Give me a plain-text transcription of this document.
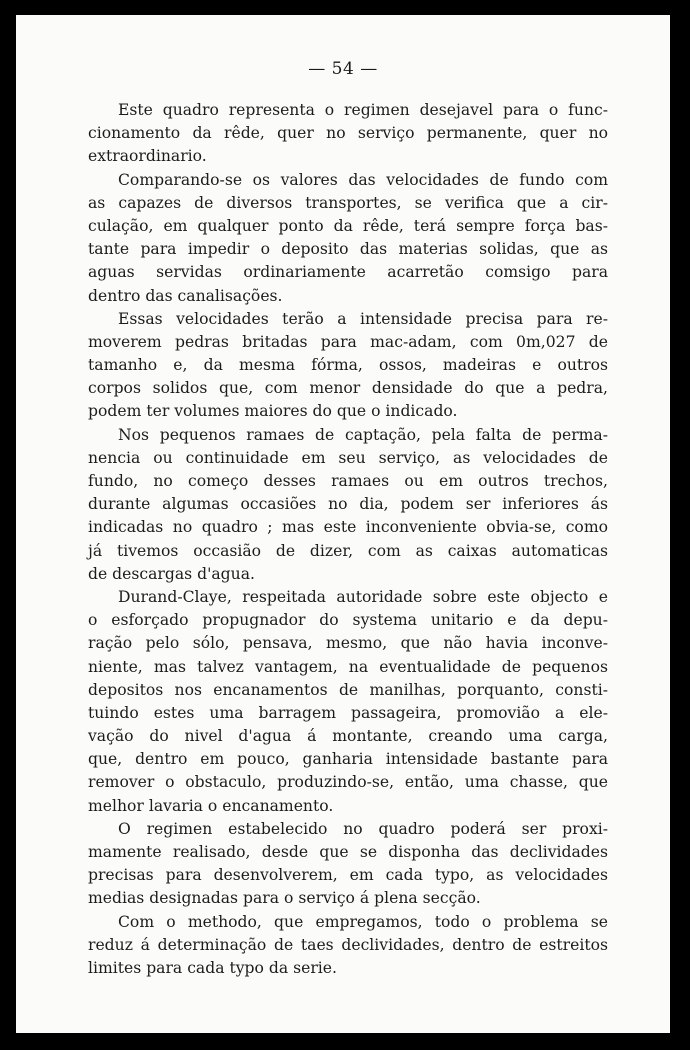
— 54 —

Este quadro representa o regimen desejavel para o func-
cionamento da rêde, quer no serviço permanente, quer no
extraordinario.

Comparando-se os valores das velocidades de fundo com
as capazes de diversos transportes, se verifica que a cir-
culação, em qualquer ponto da rêde, terá sempre força bas-
tante para impedir o deposito das materias solidas, que as
aguas servidas ordinariamente acarretão comsigo para
dentro das canalisações.

Essas velocidades terão a intensidade precisa para re-
moverem pedras britadas para mac-adam, com 0m,027 de
tamanho e, da mesma fórma, ossos, madeiras e outros
corpos solidos que, com menor densidade do que a pedra,
podem ter volumes maiores do que o indicado.

Nos pequenos ramaes de captação, pela falta de perma-
nencia ou continuidade em seu serviço, as velocidades de
fundo, no começo desses ramaes ou em outros trechos,
durante algumas occasiões no dia, podem ser inferiores ás
indicadas no quadro ; mas este inconveniente obvia-se, como
já tivemos occasião de dizer, com as caixas automaticas
de descargas d'agua.

Durand-Claye, respeitada autoridade sobre este objecto e
o esforçado propugnador do systema unitario e da depu-
ração pelo sólo, pensava, mesmo, que não havia inconve-
niente, mas talvez vantagem, na eventualidade de pequenos
depositos nos encanamentos de manilhas, porquanto, consti-
tuindo estes uma barragem passageira, promovião a ele-
vação do nivel d'agua á montante, creando uma carga,
que, dentro em pouco, ganharia intensidade bastante para
remover o obstaculo, produzindo-se, então, uma chasse, que
melhor lavaria o encanamento.

O regimen estabelecido no quadro poderá ser proxi-
mamente realisado, desde que se disponha das declividades
precisas para desenvolverem, em cada typo, as velocidades
medias designadas para o serviço á plena secção.

Com o methodo, que empregamos, todo o problema se
reduz á determinação de taes declividades, dentro de estreitos
limites para cada typo da serie.
